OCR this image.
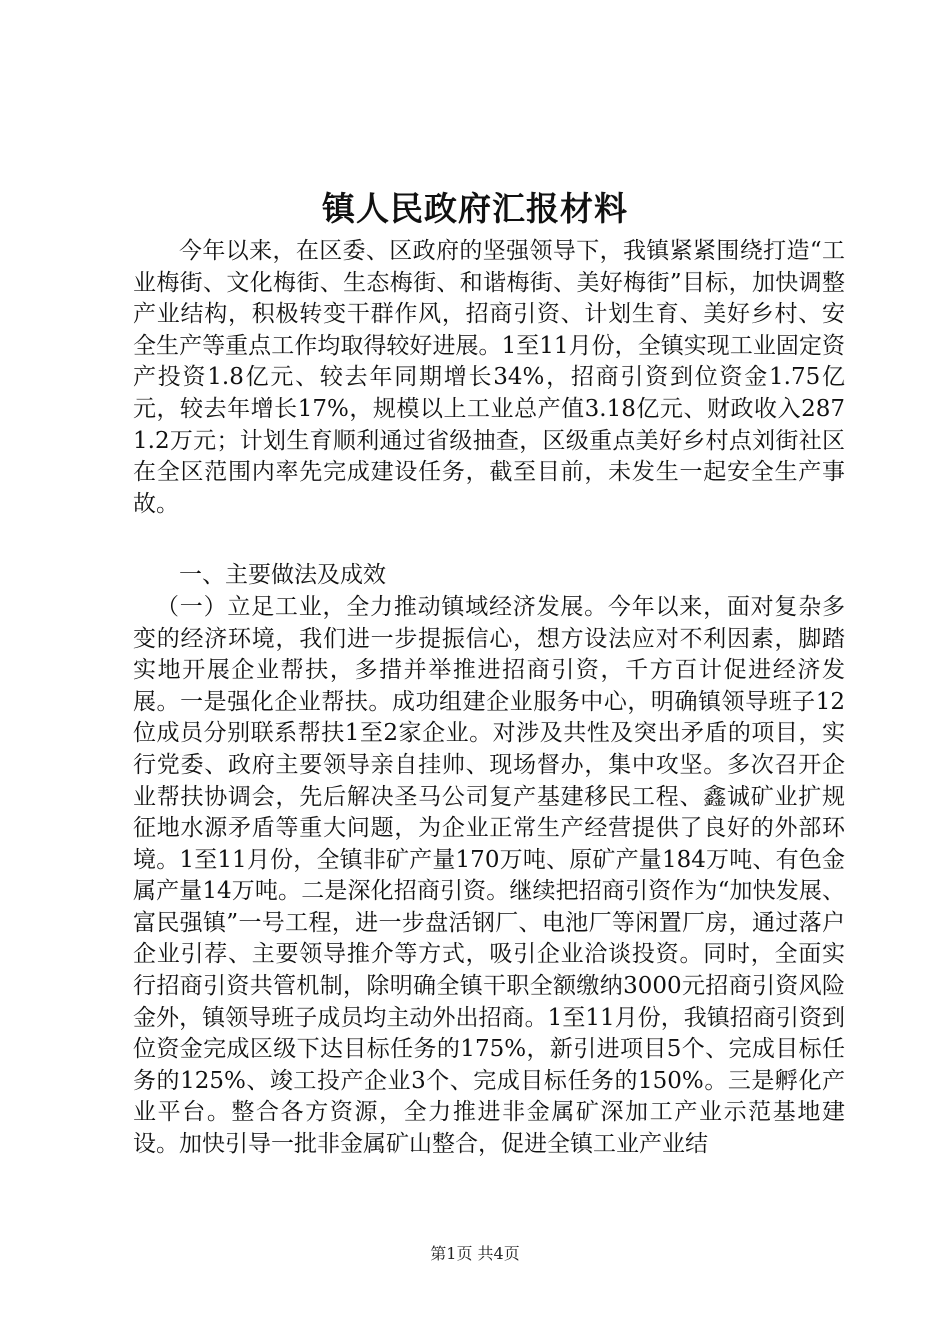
镇人民政府汇报材料

今年以来，在区委、区政府的坚强领导下，我镇紧紧围绕打造“工业梅街、文化梅街、生态梅街、和谐梅街、美好梅街”目标，加快调整产业结构，积极转变干群作风，招商引资、计划生育、美好乡村、安全生产等重点工作均取得较好进展。1至11月份，全镇实现工业固定资产投资1.8亿元、较去年同期增长34%，招商引资到位资金1.75亿元，较去年增长17%，规模以上工业总产值3.18亿元、财政收入2871.2万元；计划生育顺利通过省级抽查，区级重点美好乡村点刘街社区在全区范围内率先完成建设任务，截至目前，未发生一起安全生产事故。

一、主要做法及成效

（一）立足工业，全力推动镇域经济发展。今年以来，面对复杂多变的经济环境，我们进一步提振信心，想方设法应对不利因素，脚踏实地开展企业帮扶，多措并举推进招商引资，千方百计促进经济发展。一是强化企业帮扶。成功组建企业服务中心，明确镇领导班子12位成员分别联系帮扶1至2家企业。对涉及共性及突出矛盾的项目，实行党委、政府主要领导亲自挂帅、现场督办，集中攻坚。多次召开企业帮扶协调会，先后解决圣马公司复产基建移民工程、鑫诚矿业扩规征地水源矛盾等重大问题，为企业正常生产经营提供了良好的外部环境。1至11月份，全镇非矿产量170万吨、原矿产量184万吨、有色金属产量14万吨。二是深化招商引资。继续把招商引资作为“加快发展、富民强镇”一号工程，进一步盘活钢厂、电池厂等闲置厂房，通过落户企业引荐、主要领导推介等方式，吸引企业洽谈投资。同时，全面实行招商引资共管机制，除明确全镇干职全额缴纳3000元招商引资风险金外，镇领导班子成员均主动外出招商。1至11月份，我镇招商引资到位资金完成区级下达目标任务的175%，新引进项目5个、完成目标任务的125%、竣工投产企业3个、完成目标任务的150%。三是孵化产业平台。整合各方资源，全力推进非金属矿深加工产业示范基地建设。加快引导一批非金属矿山整合，促进全镇工业产业结

第1页 共4页
